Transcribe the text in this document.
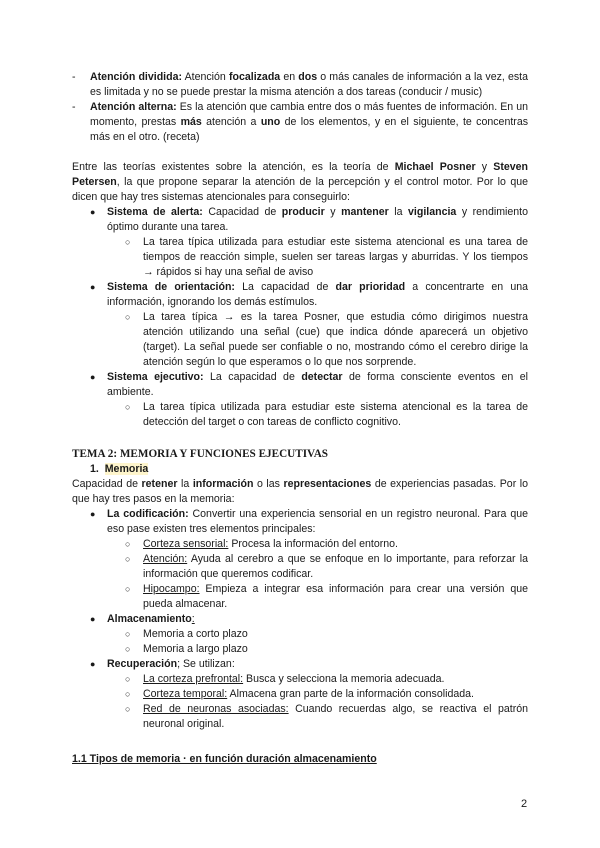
- Atención dividida: Atención focalizada en dos o más canales de información a la vez, esta es limitada y no se puede prestar la misma atención a dos tareas (conducir / music)

- Atención alterna: Es la atención que cambia entre dos o más fuentes de información. En un momento, prestas más atención a uno de los elementos, y en el siguiente, te concentras más en el otro. (receta)

Entre las teorías existentes sobre la atención, es la teoría de Michael Posner y Steven Petersen, la que propone separar la atención de la percepción y el control motor. Por lo que dicen que hay tres sistemas atencionales para conseguirlo:

● Sistema de alerta: Capacidad de producir y mantener la vigilancia y rendimiento óptimo durante una tarea.

○ La tarea típica utilizada para estudiar este sistema atencional es una tarea de tiempos de reacción simple, suelen ser tareas largas y aburridas. Y los tiempos → rápidos si hay una señal de aviso

● Sistema de orientación: La capacidad de dar prioridad a concentrarte en una información, ignorando los demás estímulos.

○ La tarea típica → es la tarea Posner, que estudia cómo dirigimos nuestra atención utilizando una señal (cue) que indica dónde aparecerá un objetivo (target). La señal puede ser confiable o no, mostrando cómo el cerebro dirige la atención según lo que esperamos o lo que nos sorprende.

● Sistema ejecutivo: La capacidad de detectar de forma consciente eventos en el ambiente.

○ La tarea típica utilizada para estudiar este sistema atencional es la tarea de detección del target o con tareas de conflicto cognitivo.

TEMA 2: MEMORIA Y FUNCIONES EJECUTIVAS

1. Memoria

Capacidad de retener la información o las representaciones de experiencias pasadas. Por lo que hay tres pasos en la memoria:

● La codificación: Convertir una experiencia sensorial en un registro neuronal. Para que eso pase existen tres elementos principales:

○ Corteza sensorial: Procesa la información del entorno.

○ Atención: Ayuda al cerebro a que se enfoque en lo importante, para reforzar la información que queremos codificar.

○ Hipocampo: Empieza a integrar esa información para crear una versión que pueda almacenar.

● Almacenamiento:

○ Memoria a corto plazo

○ Memoria a largo plazo

● Recuperación; Se utilizan:

○ La corteza prefrontal: Busca y selecciona la memoria adecuada.

○ Corteza temporal: Almacena gran parte de la información consolidada.

○ Red de neuronas asociadas: Cuando recuerdas algo, se reactiva el patrón neuronal original.

1.1 Tipos de memoria · en función duración almacenamiento

2
